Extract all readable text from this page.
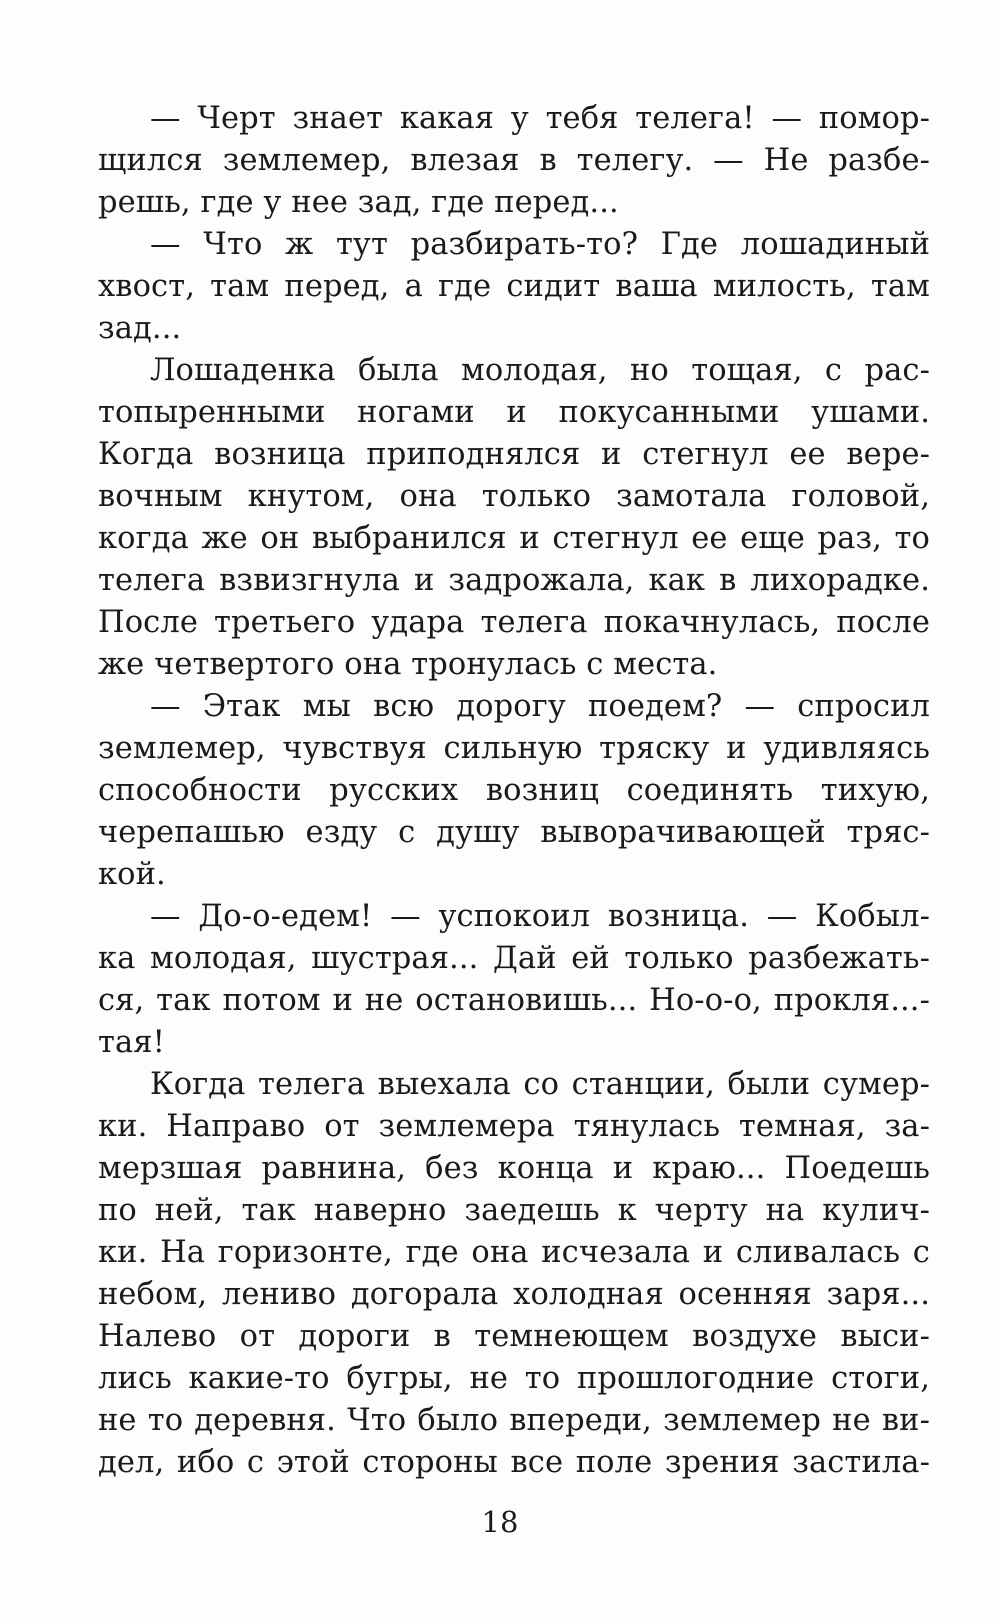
— Черт знает какая у тебя телега! — помор-
щился землемер, влезая в телегу. — Не разбе-
решь, где у нее зад, где перед...
— Что ж тут разбирать-то? Где лошадиный
хвост, там перед, а где сидит ваша милость, там
зад...
Лошаденка была молодая, но тощая, с рас-
топыренными ногами и покусанными ушами.
Когда возница приподнялся и стегнул ее вере-
вочным кнутом, она только замотала головой,
когда же он выбранился и стегнул ее еще раз, то
телега взвизгнула и задрожала, как в лихорадке.
После третьего удара телега покачнулась, после
же четвертого она тронулась с места.
— Этак мы всю дорогу поедем? — спросил
землемер, чувствуя сильную тряску и удивляясь
способности русских возниц соединять тихую,
черепашью езду с душу выворачивающей тряс-
кой.
— До-о-едем! — успокоил возница. — Кобыл-
ка молодая, шустрая... Дай ей только разбежать-
ся, так потом и не остановишь... Но-о-о, прокля...-
тая!
Когда телега выехала со станции, были сумер-
ки. Направо от землемера тянулась темная, за-
мерзшая равнина, без конца и краю... Поедешь
по ней, так наверно заедешь к черту на кулич-
ки. На горизонте, где она исчезала и сливалась с
небом, лениво догорала холодная осенняя заря...
Налево от дороги в темнеющем воздухе выси-
лись какие-то бугры, не то прошлогодние стоги,
не то деревня. Что было впереди, землемер не ви-
дел, ибо с этой стороны все поле зрения застила-
18
